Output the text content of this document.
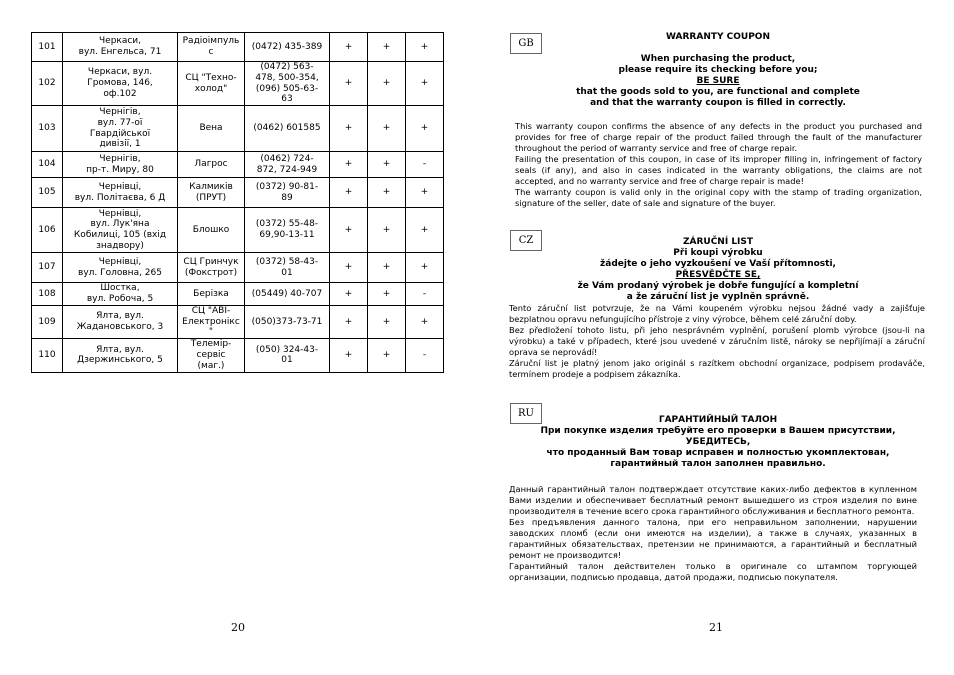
101	Черкаси,
вул. Енгельса, 71	Радіоімпуль
с	(0472) 435-389	+	+	+
102	Черкаси, вул.
Громова, 146,
оф.102	СЦ "Техно-
холод"	(0472) 563-
478, 500-354,
(096) 505-63-
63	+	+	+
103	Чернігів,
вул. 77-ої
Гвардійської
дивізії, 1	Вена	(0462) 601585	+	+	+
104	Чернігів,
пр-т. Миру, 80	Лагрос	(0462) 724-
872, 724-949	+	+	-
105	Чернівці,
вул. Політаєва, 6 Д	Калмиків
(ПРУТ)	(0372) 90-81-
89	+	+	+
106	Чернівці,
вул. Лук'яна
Кобилиці, 105 (вхід
знадвору)	Блошко	(0372) 55-48-
69,90-13-11	+	+	+
107	Чернівці,
вул. Головна, 265	СЦ Гринчук
(Фокстрот)	(0372) 58-43-
01	+	+	+
108	Шостка,
вул. Робоча, 5	Берізка	(05449) 40-707	+	+	-
109	Ялта, вул.
Жадановського, 3	СЦ "АВІ-
Електронікс
"	(050)373-73-71	+	+	+
110	Ялта, вул.
Дзержинського, 5	Телемір-
сервіс
(маг.)	(050) 324-43-
01	+	+	-
20
GB
WARRANTY COUPON
When purchasing the product,
please require its checking before you;
BE SURE
that the goods sold to you, are functional and complete
and that the warranty coupon is filled in correctly.

This warranty coupon confirms the absence of any defects in the product you purchased and provides for free of charge repair of the product failed through the fault of the manufacturer throughout the period of warranty service and free of charge repair.

Failing the presentation of this coupon, in case of its improper filling in, infringement of factory seals (if any), and also in cases indicated in the warranty obligations, the claims are not accepted, and no warranty service and free of charge repair is made!

The warranty coupon is valid only in the original copy with the stamp of trading organization, signature of the seller, date of sale and signature of the buyer.

CZ	ZÁRUČNÍ LIST
Při koupi výrobku
žádejte o jeho vyzkoušení ve Vaší přítomnosti,
PŘESVĚDČTE SE,
že Vám prodaný výrobek je dobře fungující a kompletní
a že záruční list je vyplněn správně.

Tento záruční list potvrzuje, že na Vámi koupeném výrobku nejsou žádné vady a zajišťuje bezplatnou opravu nefungujícího přístroje z viny výrobce, během celé záruční doby.

Bez předložení tohoto listu, při jeho nesprávném vyplnění, porušení plomb výrobce (jsou-li na výrobku) a také v případech, které jsou uvedené v záručním listě, nároky se nepřijímají a záruční oprava se neprovádí!

Záruční list je platný jenom jako originál s razítkem obchodní organizace, podpisem prodaváče, termínem prodeje a podpisem zákazníka.

RU
ГАРАНТИЙНЫЙ ТАЛОН
При покупке изделия требуйте его проверки в Вашем присутствии,
УБЕДИТЕСЬ,
что проданный Вам товар исправен и полностью укомплектован,
гарантийный талон заполнен правильно.

Данный гарантийный талон подтверждает отсутствие каких-либо дефектов в купленном Вами изделии и обеспечивает бесплатный ремонт вышедшего из строя изделия по вине производителя в течение всего срока гарантийного обслуживания и бесплатного ремонта.

Без предъявления данного талона, при его неправильном заполнении, нарушении заводских пломб (если они имеются на изделии), а также в случаях, указанных в гарантийных обязательствах, претензии не принимаются, а гарантийный и бесплатный ремонт не производится!

Гарантийный талон действителен только в оригинале со штампом торгующей организации, подписью продавца, датой продажи, подписью покупателя.

21
